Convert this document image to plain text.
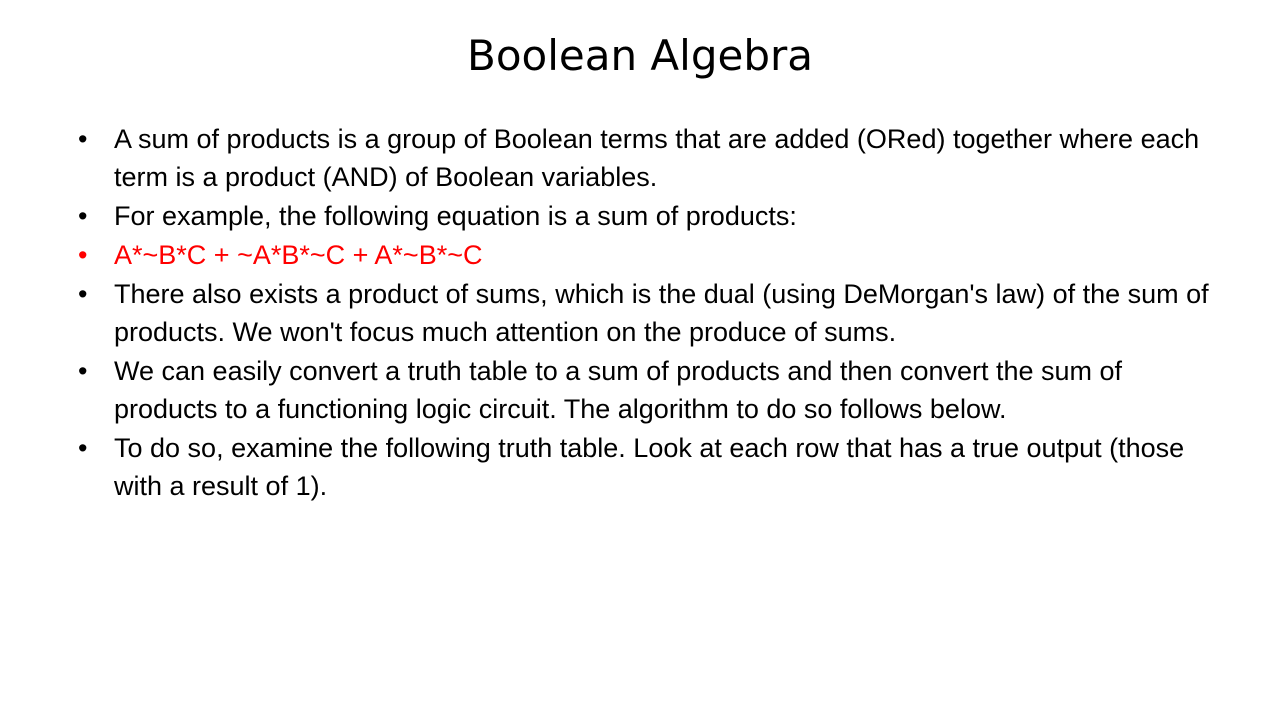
Boolean Algebra
• A sum of products is a group of Boolean terms that are added (ORed) together where each term is a product (AND) of Boolean variables.
• For example, the following equation is a sum of products:
• A*~B*C + ~A*B*~C + A*~B*~C
• There also exists a product of sums, which is the dual (using DeMorgan's law) of the sum of products. We won't focus much attention on the produce of sums.
• We can easily convert a truth table to a sum of products and then convert the sum of products to a functioning logic circuit. The algorithm to do so follows below.
• To do so, examine the following truth table. Look at each row that has a true output (those with a result of 1).
